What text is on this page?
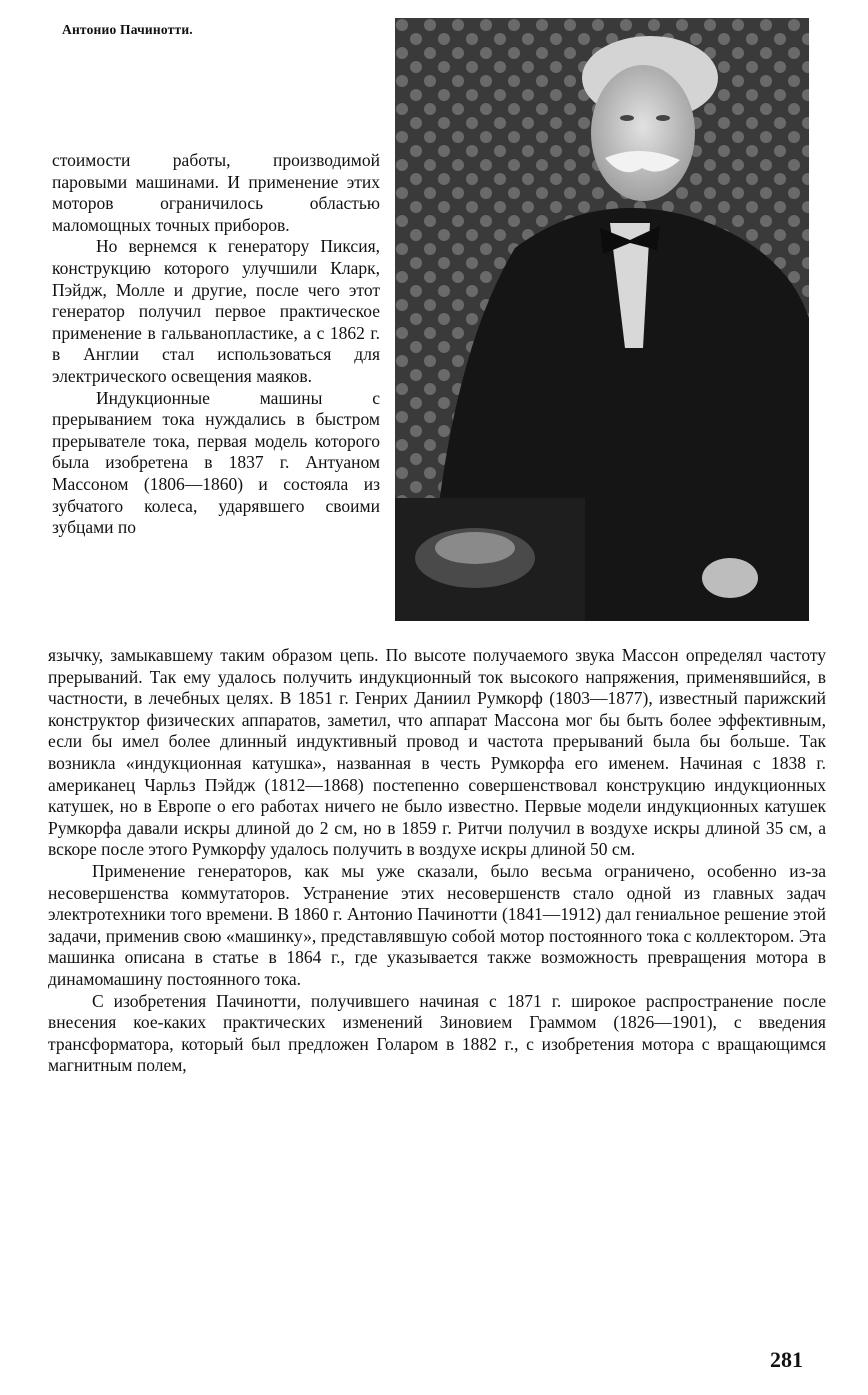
Антонио Пачинотти.

стоимости работы, производимой паровыми машинами. И применение этих моторов ограничилось областью маломощных точных приборов.

Но вернемся к генератору Пиксия, конструкцию которого улучшили Кларк, Пэйдж, Молле и другие, после чего этот генератор получил первое практическое применение в гальванопластике, а с 1862 г. в Англии стал использоваться для электрического освещения маяков.

Индукционные машины с прерыванием тока нуждались в быстром прерывателе тока, первая модель которого была изобретена в 1837 г. Антуаном Массоном (1806—1860) и состояла из зубчатого колеса, ударявшего своими зубцами по

язычку, замыкавшему таким образом цепь. По высоте получаемого звука Массон определял частоту прерываний. Так ему удалось получить индукционный ток высокого напряжения, применявшийся, в частности, в лечебных целях. В 1851 г. Генрих Даниил Румкорф (1803—1877), известный парижский конструктор физических аппаратов, заметил, что аппарат Массона мог бы быть более эффективным, если бы имел более длинный индуктивный провод и частота прерываний была бы больше. Так возникла «индукционная катушка», названная в честь Румкорфа его именем. Начиная с 1838 г. американец Чарльз Пэйдж (1812—1868) постепенно совершенствовал конструкцию индукционных катушек, но в Европе о его работах ничего не было известно. Первые модели индукционных катушек Румкорфа давали искры длиной до 2 см, но в 1859 г. Ритчи получил в воздухе искры длиной 35 см, а вскоре после этого Румкорфу удалось получить в воздухе искры длиной 50 см.

Применение генераторов, как мы уже сказали, было весьма ограничено, особенно из-за несовершенства коммутаторов. Устранение этих несовершенств стало одной из главных задач электротехники того времени. В 1860 г. Антонио Пачинотти (1841—1912) дал гениальное решение этой задачи, применив свою «машинку», представлявшую собой мотор постоянного тока с коллектором. Эта машинка описана в статье в 1864 г., где указывается также возможность превращения мотора в динамомашину постоянного тока.

С изобретения Пачинотти, получившего начиная с 1871 г. широкое распространение после внесения кое-каких практических изменений Зиновием Граммом (1826—1901), с введения трансформатора, который был предложен Голаром в 1882 г., с изобретения мотора с вращающимся магнитным полем,

281
